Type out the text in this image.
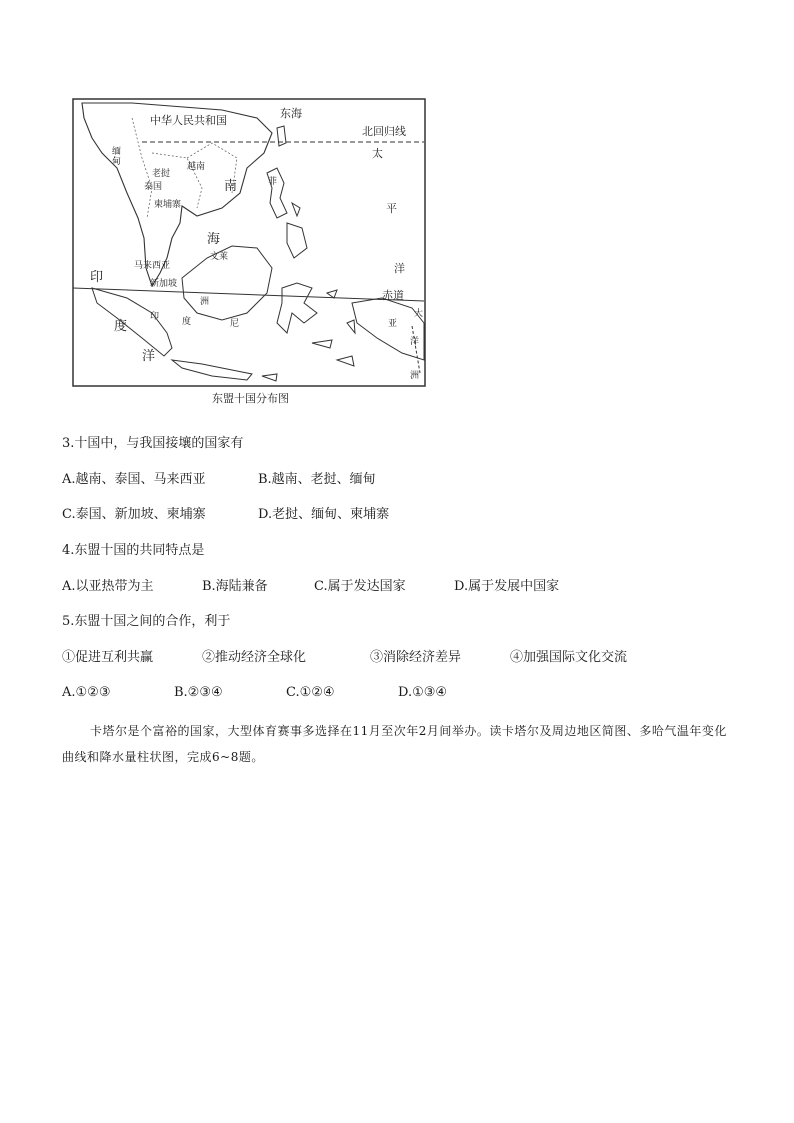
中华人民共和国
东海
北回归线
缅
甸
老挝
越南
泰国
柬埔寨
南
海
菲
太
平
洋
文莱
马来西亚
新加坡
印
度
洋
赤道
印	度	尼
洲
亚
大
洋
洲
东盟十国分布图
3.十国中，与我国接壤的国家有
A.越南、泰国、马来西亚	B.越南、老挝、缅甸
C.泰国、新加坡、柬埔寨	D.老挝、缅甸、柬埔寨
4.东盟十国的共同特点是
A.以亚热带为主	B.海陆兼备	C.属于发达国家	D.属于发展中国家
5.东盟十国之间的合作，利于
①促进互利共赢	②推动经济全球化	③消除经济差异	④加强国际文化交流
A.①②③	B.②③④	C.①②④	D.①③④
卡塔尔是个富裕的国家，大型体育赛事多选择在11月至次年2月间举办。读卡塔尔及周边地区简图、多哈气温年变化曲线和降水量柱状图，完成6~8题。
